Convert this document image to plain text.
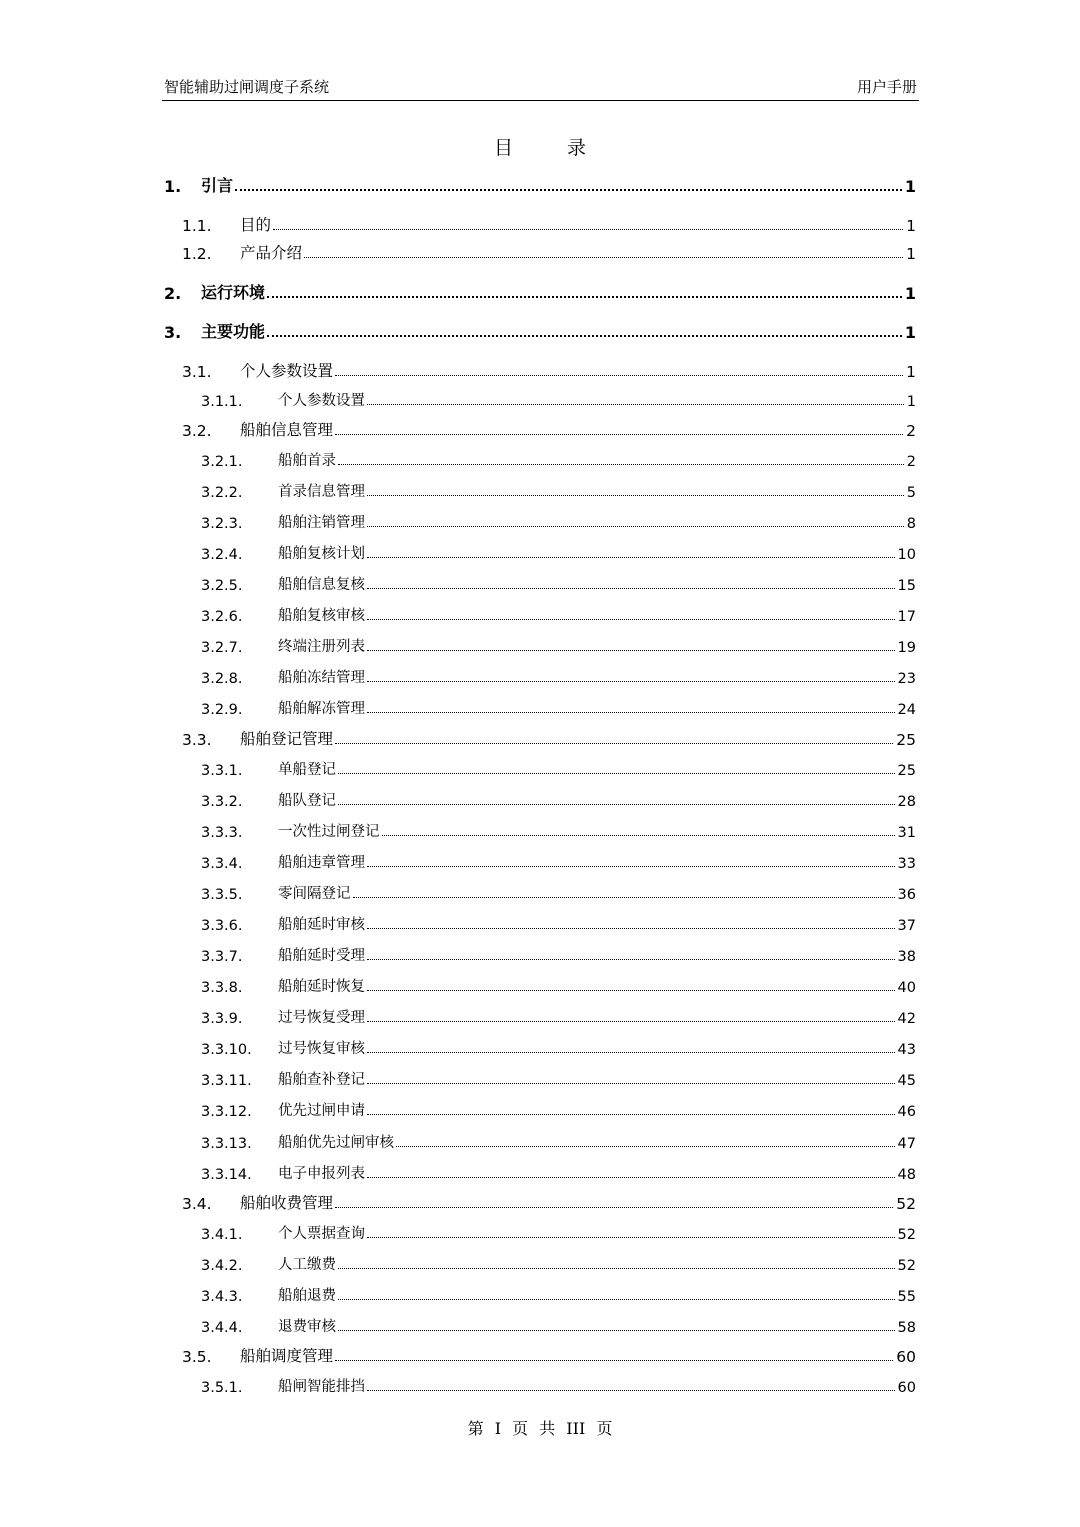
智能辅助过闸调度子系统	用户手册
目 录
1. 引言	1
1.1. 目的	1
1.2. 产品介绍	1
2. 运行环境	1
3. 主要功能	1
3.1. 个人参数设置	1
3.1.1. 个人参数设置	1
3.2. 船舶信息管理	2
3.2.1. 船舶首录	2
3.2.2. 首录信息管理	5
3.2.3. 船舶注销管理	8
3.2.4. 船舶复核计划	10
3.2.5. 船舶信息复核	15
3.2.6. 船舶复核审核	17
3.2.7. 终端注册列表	19
3.2.8. 船舶冻结管理	23
3.2.9. 船舶解冻管理	24
3.3. 船舶登记管理	25
3.3.1. 单船登记	25
3.3.2. 船队登记	28
3.3.3. 一次性过闸登记	31
3.3.4. 船舶违章管理	33
3.3.5. 零间隔登记	36
3.3.6. 船舶延时审核	37
3.3.7. 船舶延时受理	38
3.3.8. 船舶延时恢复	40
3.3.9. 过号恢复受理	42
3.3.10. 过号恢复审核	43
3.3.11. 船舶查补登记	45
3.3.12. 优先过闸申请	46
3.3.13. 船舶优先过闸审核	47
3.3.14. 电子申报列表	48
3.4. 船舶收费管理	52
3.4.1. 个人票据查询	52
3.4.2. 人工缴费	52
3.4.3. 船舶退费	55
3.4.4. 退费审核	58
3.5. 船舶调度管理	60
3.5.1. 船闸智能排挡	60
第 I 页 共 III 页
